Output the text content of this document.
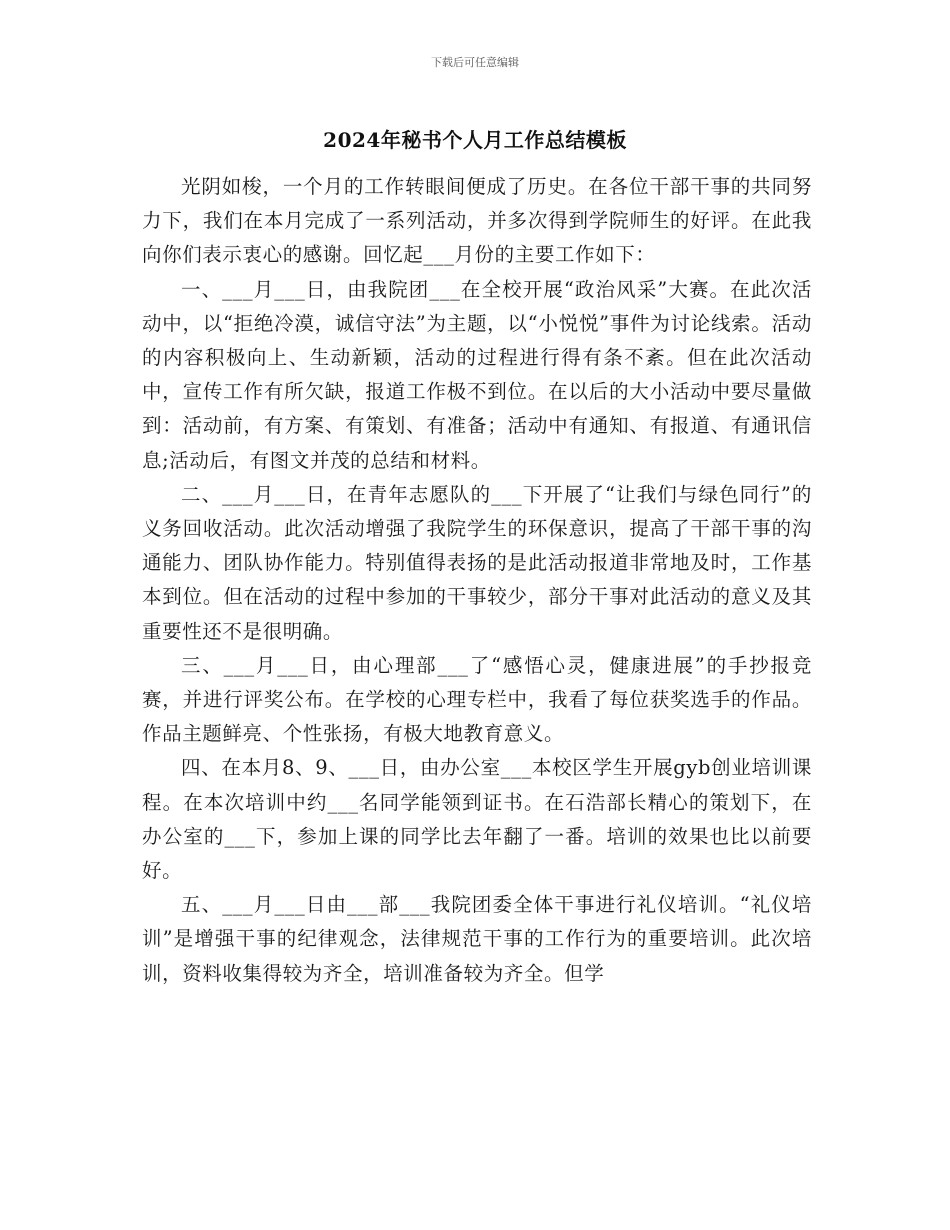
下载后可任意编辑
2024年秘书个人月工作总结模板

光阴如梭，一个月的工作转眼间便成了历史。在各位干部干事的共同努力下，我们在本月完成了一系列活动，并多次得到学院师生的好评。在此我向你们表示衷心的感谢。回忆起___月份的主要工作如下：

一、___月___日，由我院团___在全校开展“政治风采”大赛。在此次活动中，以“拒绝冷漠，诚信守法”为主题，以“小悦悦”事件为讨论线索。活动的内容积极向上、生动新颖，活动的过程进行得有条不紊。但在此次活动中，宣传工作有所欠缺，报道工作极不到位。在以后的大小活动中要尽量做到：活动前，有方案、有策划、有准备；活动中有通知、有报道、有通讯信息;活动后，有图文并茂的总结和材料。

二、___月___日，在青年志愿队的___下开展了“让我们与绿色同行”的义务回收活动。此次活动增强了我院学生的环保意识，提高了干部干事的沟通能力、团队协作能力。特别值得表扬的是此活动报道非常地及时，工作基本到位。但在活动的过程中参加的干事较少，部分干事对此活动的意义及其重要性还不是很明确。

三、___月___日，由心理部___了“感悟心灵，健康进展”的手抄报竞赛，并进行评奖公布。在学校的心理专栏中，我看了每位获奖选手的作品。作品主题鲜亮、个性张扬，有极大地教育意义。

四、在本月8、9、___日，由办公室___本校区学生开展gyb创业培训课程。在本次培训中约___名同学能领到证书。在石浩部长精心的策划下，在办公室的___下，参加上课的同学比去年翻了一番。培训的效果也比以前要好。

五、___月___日由___部___我院团委全体干事进行礼仪培训。“礼仪培训”是增强干事的纪律观念，法律规范干事的工作行为的重要培训。此次培训，资料收集得较为齐全，培训准备较为齐全。但学
